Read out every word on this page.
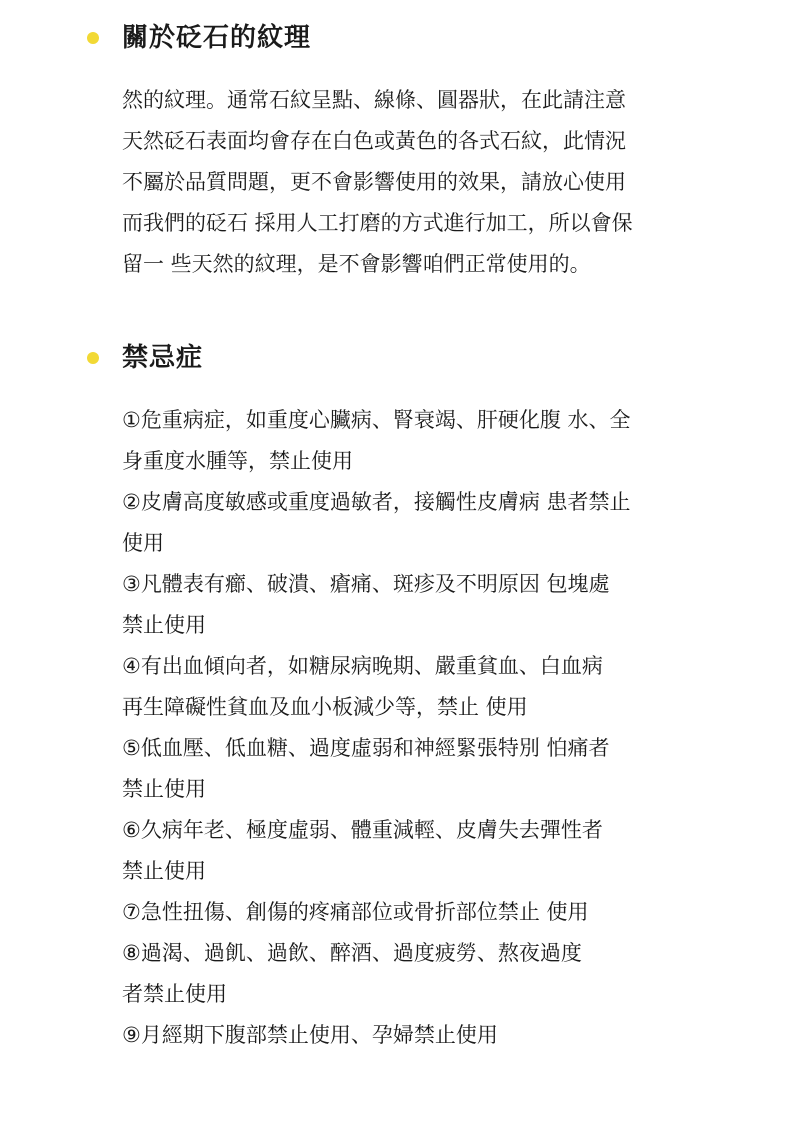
關於砭石的紋理
然的紋理。通常石紋呈點、線條、圓器狀，在此請注意
天然砭石表面均會存在白色或黃色的各式石紋，此情況
不屬於品質問題，更不會影響使用的效果，請放心使用
而我們的砭石 採用人工打磨的方式進行加工，所以會保
留一 些天然的紋理，是不會影響咱們正常使用的。
禁忌症
①危重病症，如重度心臟病、腎衰竭、肝硬化腹 水、全
身重度水腫等，禁止使用
②皮膚高度敏感或重度過敏者，接觸性皮膚病 患者禁止
使用
③凡體表有癤、破潰、瘡痛、斑疹及不明原因 包塊處
禁止使用
④有出血傾向者，如糖尿病晚期、嚴重貧血、白血病
再生障礙性貧血及血小板減少等，禁止 使用
⑤低血壓、低血糖、過度虛弱和神經緊張特別 怕痛者
禁止使用
⑥久病年老、極度虛弱、體重減輕、皮膚失去彈性者
禁止使用
⑦急性扭傷、創傷的疼痛部位或骨折部位禁止 使用
⑧過渴、過飢、過飲、醉酒、過度疲勞、熬夜過度
者禁止使用
⑨月經期下腹部禁止使用、孕婦禁止使用
